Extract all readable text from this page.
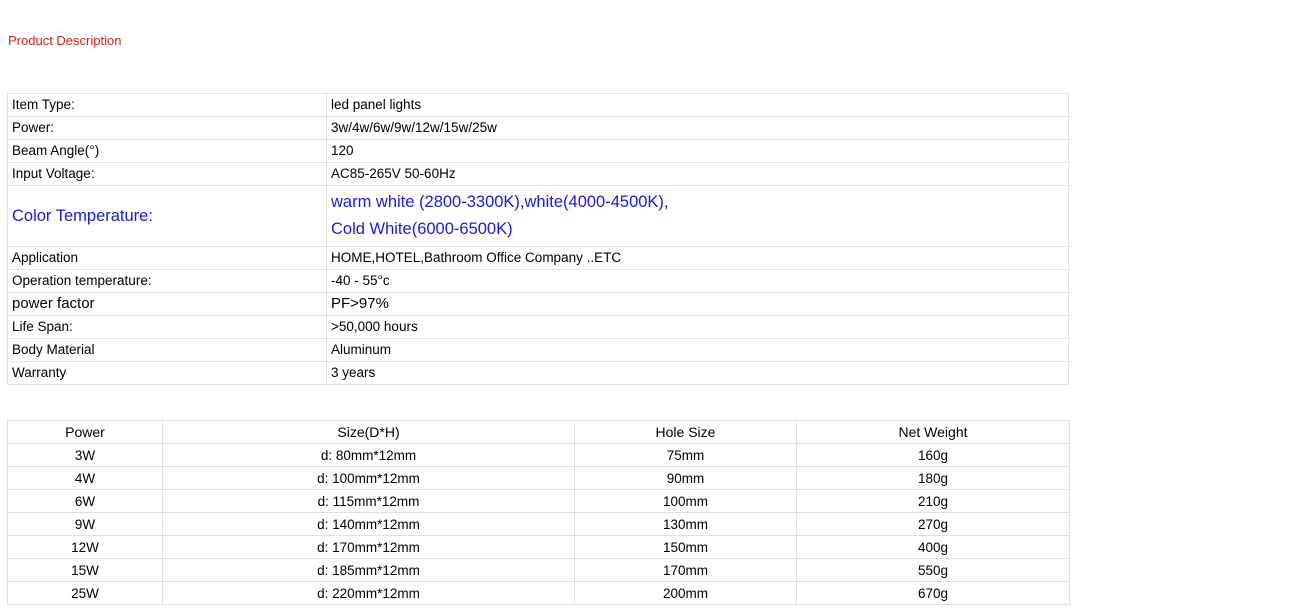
Product Description
Item Type:	led panel lights
Power:	3w/4w/6w/9w/12w/15w/25w
Beam Angle(°)	120
Input Voltage:	AC85-265V 50-60Hz
Color Temperature:	warm white (2800-3300K),white(4000-4500K),
Cold White(6000-6500K)

Application	HOME,HOTEL,Bathroom Office Company ..ETC
Operation temperature:	-40 - 55°c
power factor	PF>97%
Life Span:	>50,000 hours
Body Material	Aluminum
Warranty	3 years
Power	Size(D*H)	Hole Size	Net Weight
3W	d: 80mm*12mm	75mm	160g
4W	d: 100mm*12mm	90mm	180g
6W	d: 115mm*12mm	100mm	210g
9W	d: 140mm*12mm	130mm	270g
12W	d: 170mm*12mm	150mm	400g
15W	d: 185mm*12mm	170mm	550g
25W	d: 220mm*12mm	200mm	670g
